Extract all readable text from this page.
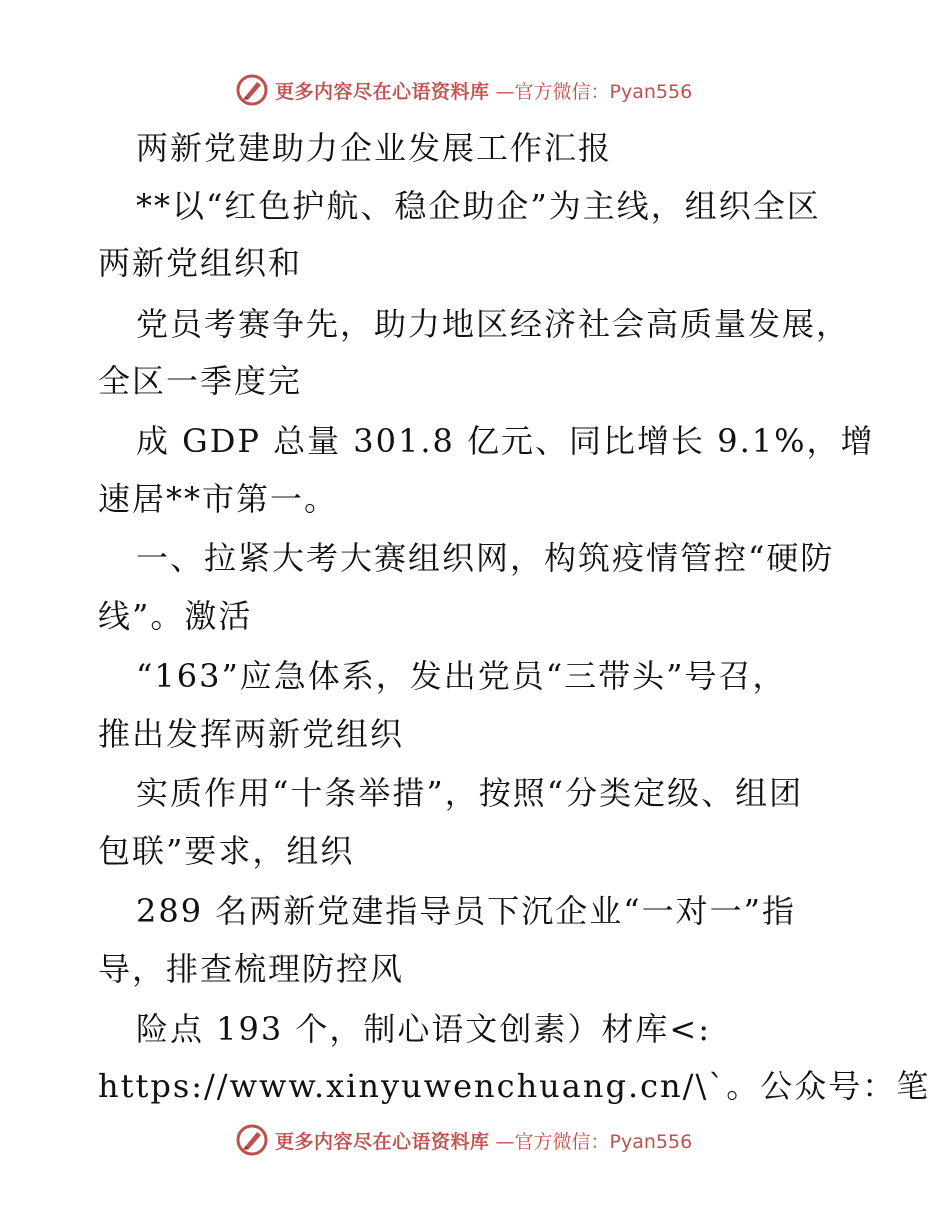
更多内容尽在心语资料库 —官方微信：Pyan556
两新党建助力企业发展工作汇报
**以“红色护航、稳企助企”为主线，组织全区
两新党组织和
党员考赛争先，助力地区经济社会高质量发展，
全区一季度完
成 GDP 总量 301.8 亿元、同比增长 9.1%，增
速居**市第一。
一、拉紧大考大赛组织网，构筑疫情管控“硬防
线”。激活
“163”应急体系，发出党员“三带头”号召，
推出发挥两新党组织
实质作用“十条举措”，按照“分类定级、组团
包联”要求，组织
289 名两新党建指导员下沉企业“一对一”指
导，排查梳理防控风
险点 193 个，制心语文创素）材库<:
https://www.xinyuwenchuang.cn/\`。公众号：笔
更多内容尽在心语资料库 —官方微信：Pyan556
